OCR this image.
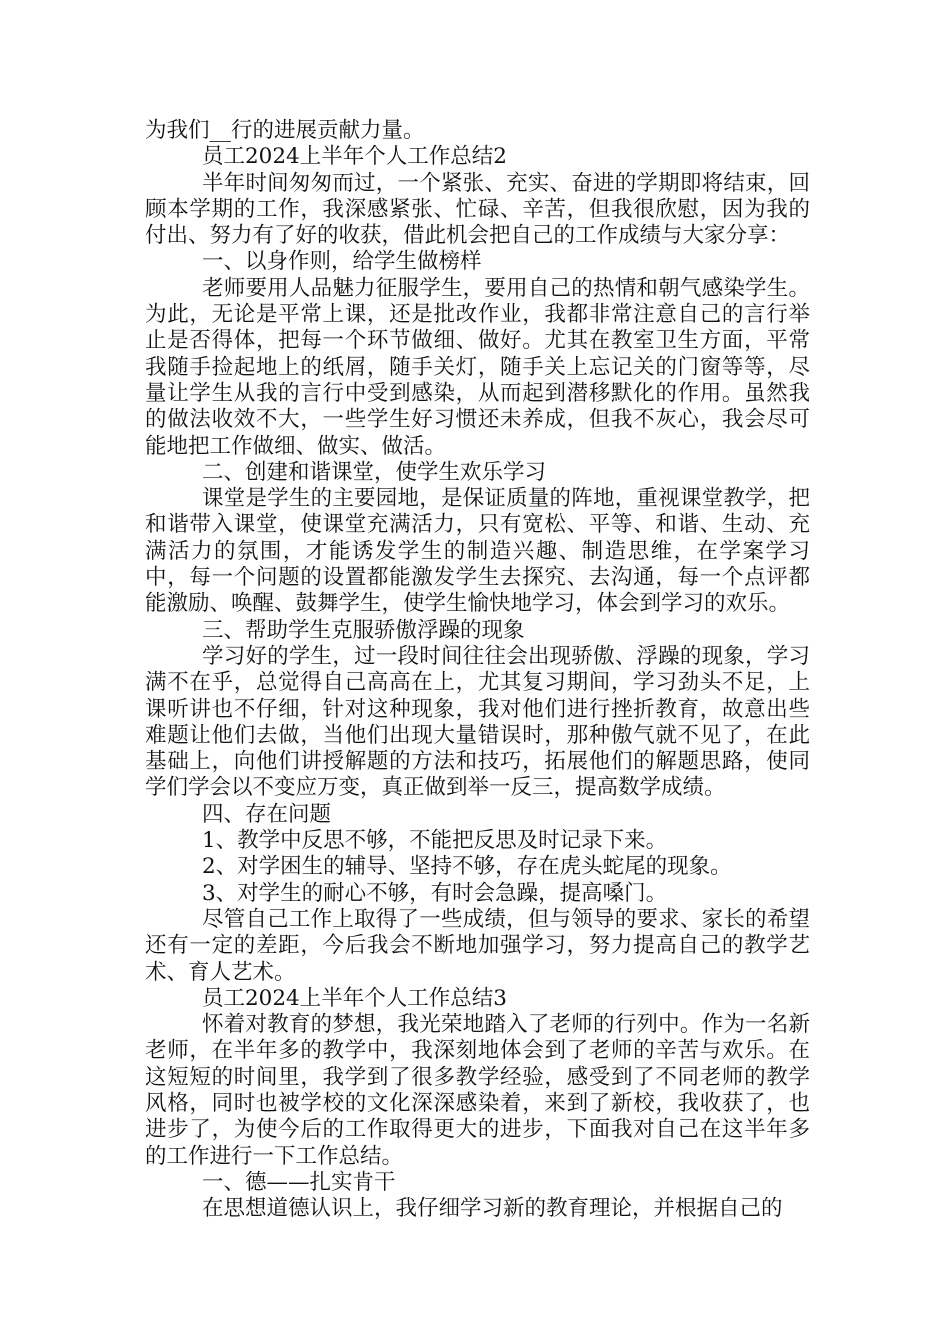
为我们__行的进展贡献力量。

员工2024上半年个人工作总结2

半年时间匆匆而过，一个紧张、充实、奋进的学期即将结束，回顾本学期的工作，我深感紧张、忙碌、辛苦，但我很欣慰，因为我的付出、努力有了好的收获，借此机会把自己的工作成绩与大家分享：

一、以身作则，给学生做榜样

老师要用人品魅力征服学生，要用自己的热情和朝气感染学生。为此，无论是平常上课，还是批改作业，我都非常注意自己的言行举止是否得体，把每一个环节做细、做好。尤其在教室卫生方面，平常我随手捡起地上的纸屑，随手关灯，随手关上忘记关的门窗等等，尽量让学生从我的言行中受到感染，从而起到潜移默化的作用。虽然我的做法收效不大，一些学生好习惯还未养成，但我不灰心，我会尽可能地把工作做细、做实、做活。

二、创建和谐课堂，使学生欢乐学习

课堂是学生的主要园地，是保证质量的阵地，重视课堂教学，把和谐带入课堂，使课堂充满活力，只有宽松、平等、和谐、生动、充满活力的氛围，才能诱发学生的制造兴趣、制造思维，在学案学习中，每一个问题的设置都能激发学生去探究、去沟通，每一个点评都能激励、唤醒、鼓舞学生，使学生愉快地学习，体会到学习的欢乐。

三、帮助学生克服骄傲浮躁的现象

学习好的学生，过一段时间往往会出现骄傲、浮躁的现象，学习满不在乎，总觉得自己高高在上，尤其复习期间，学习劲头不足，上课听讲也不仔细，针对这种现象，我对他们进行挫折教育，故意出些难题让他们去做，当他们出现大量错误时，那种傲气就不见了，在此基础上，向他们讲授解题的方法和技巧，拓展他们的解题思路，使同学们学会以不变应万变，真正做到举一反三，提高数学成绩。

四、存在问题

1、教学中反思不够，不能把反思及时记录下来。

2、对学困生的辅导、坚持不够，存在虎头蛇尾的现象。

3、对学生的耐心不够，有时会急躁，提高嗓门。

尽管自己工作上取得了一些成绩，但与领导的要求、家长的希望还有一定的差距，今后我会不断地加强学习，努力提高自己的教学艺术、育人艺术。

员工2024上半年个人工作总结3

怀着对教育的梦想，我光荣地踏入了老师的行列中。作为一名新老师，在半年多的教学中，我深刻地体会到了老师的辛苦与欢乐。在这短短的时间里，我学到了很多教学经验，感受到了不同老师的教学风格，同时也被学校的文化深深感染着，来到了新校，我收获了，也进步了，为使今后的工作取得更大的进步，下面我对自己在这半年多的工作进行一下工作总结。

一、德——扎实肯干

在思想道德认识上，我仔细学习新的教育理论，并根据自己的
